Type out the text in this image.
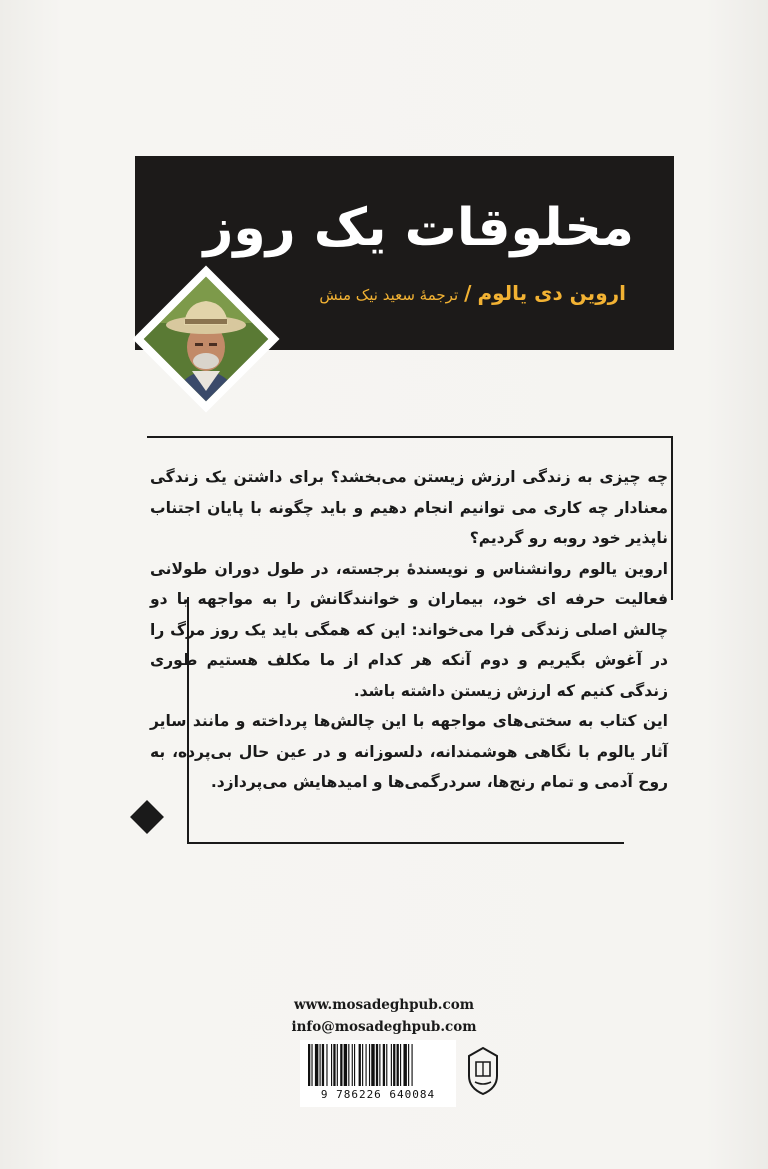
مخلوقات یک روز
اروین دی یالوم/ترجمهٔ سعید نیک منش

چه چیزی به زندگی ارزش زیستن می‌بخشد؟ برای داشتن یک زندگی معنادار چه کاری می توانیم انجام دهیم و باید چگونه با پایان اجتناب ناپذیر خود روبه رو گردیم؟

اروین یالوم روانشناس و نویسندهٔ برجسته، در طول دوران طولانی فعالیت حرفه ای خود، بیماران و خوانندگانش را به مواجهه با دو چالش اصلی زندگی فرا می‌خواند: این که همگی باید یک روز مرگ را در آغوش بگیریم و دوم آنکه هر کدام از ما مکلف هستیم طوری زندگی کنیم که ارزش زیستن داشته باشد.

این کتاب به سختی‌های مواجهه با این چالش‌ها پرداخته و مانند سایر آثار یالوم با نگاهی هوشمندانه، دلسوزانه و در عین حال بی‌پرده، به روح آدمی و تمام رنج‌ها، سردرگمی‌ها و امیدهایش می‌پردازد.

www.mosadeghpub.com
info@mosadeghpub.com
9 786226 640084
